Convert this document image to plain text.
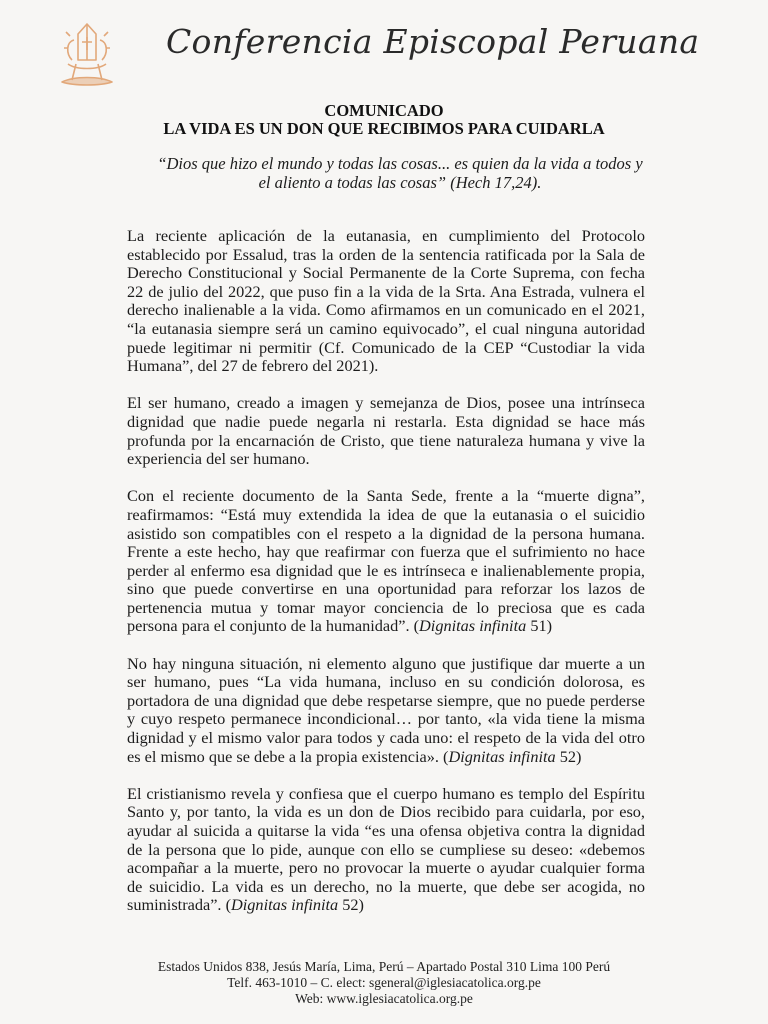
Conferencia Episcopal Peruana
COMUNICADO
LA VIDA ES UN DON QUE RECIBIMOS PARA CUIDARLA
“Dios que hizo el mundo y todas las cosas... es quien da la vida a todos y el aliento a todas las cosas” (Hech 17,24).

La reciente aplicación de la eutanasia, en cumplimiento del Protocolo establecido por Essalud, tras la orden de la sentencia ratificada por la Sala de Derecho Constitucional y Social Permanente de la Corte Suprema, con fecha 22 de julio del 2022, que puso fin a la vida de la Srta. Ana Estrada, vulnera el derecho inalienable a la vida. Como afirmamos en un comunicado en el 2021, “la eutanasia siempre será un camino equivocado”, el cual ninguna autoridad puede legitimar ni permitir (Cf. Comunicado de la CEP “Custodiar la vida Humana”, del 27 de febrero del 2021).

El ser humano, creado a imagen y semejanza de Dios, posee una intrínseca dignidad que nadie puede negarla ni restarla. Esta dignidad se hace más profunda por la encarnación de Cristo, que tiene naturaleza humana y vive la experiencia del ser humano.

Con el reciente documento de la Santa Sede, frente a la “muerte digna”, reafirmamos: “Está muy extendida la idea de que la eutanasia o el suicidio asistido son compatibles con el respeto a la dignidad de la persona humana. Frente a este hecho, hay que reafirmar con fuerza que el sufrimiento no hace perder al enfermo esa dignidad que le es intrínseca e inalienablemente propia, sino que puede convertirse en una oportunidad para reforzar los lazos de pertenencia mutua y tomar mayor conciencia de lo preciosa que es cada persona para el conjunto de la humanidad”. (Dignitas infinita 51)

No hay ninguna situación, ni elemento alguno que justifique dar muerte a un ser humano, pues “La vida humana, incluso en su condición dolorosa, es portadora de una dignidad que debe respetarse siempre, que no puede perderse y cuyo respeto permanece incondicional… por tanto, «la vida tiene la misma dignidad y el mismo valor para todos y cada uno: el respeto de la vida del otro es el mismo que se debe a la propia existencia». (Dignitas infinita 52)

El cristianismo revela y confiesa que el cuerpo humano es templo del Espíritu Santo y, por tanto, la vida es un don de Dios recibido para cuidarla, por eso, ayudar al suicida a quitarse la vida “es una ofensa objetiva contra la dignidad de la persona que lo pide, aunque con ello se cumpliese su deseo: «debemos acompañar a la muerte, pero no provocar la muerte o ayudar cualquier forma de suicidio. La vida es un derecho, no la muerte, que debe ser acogida, no suministrada”. (Dignitas infinita 52)

Estados Unidos 838, Jesús María, Lima, Perú – Apartado Postal 310 Lima 100 Perú
Telf. 463-1010 – C. elect: sgeneral@iglesiacatolica.org.pe
Web: www.iglesiacatolica.org.pe
